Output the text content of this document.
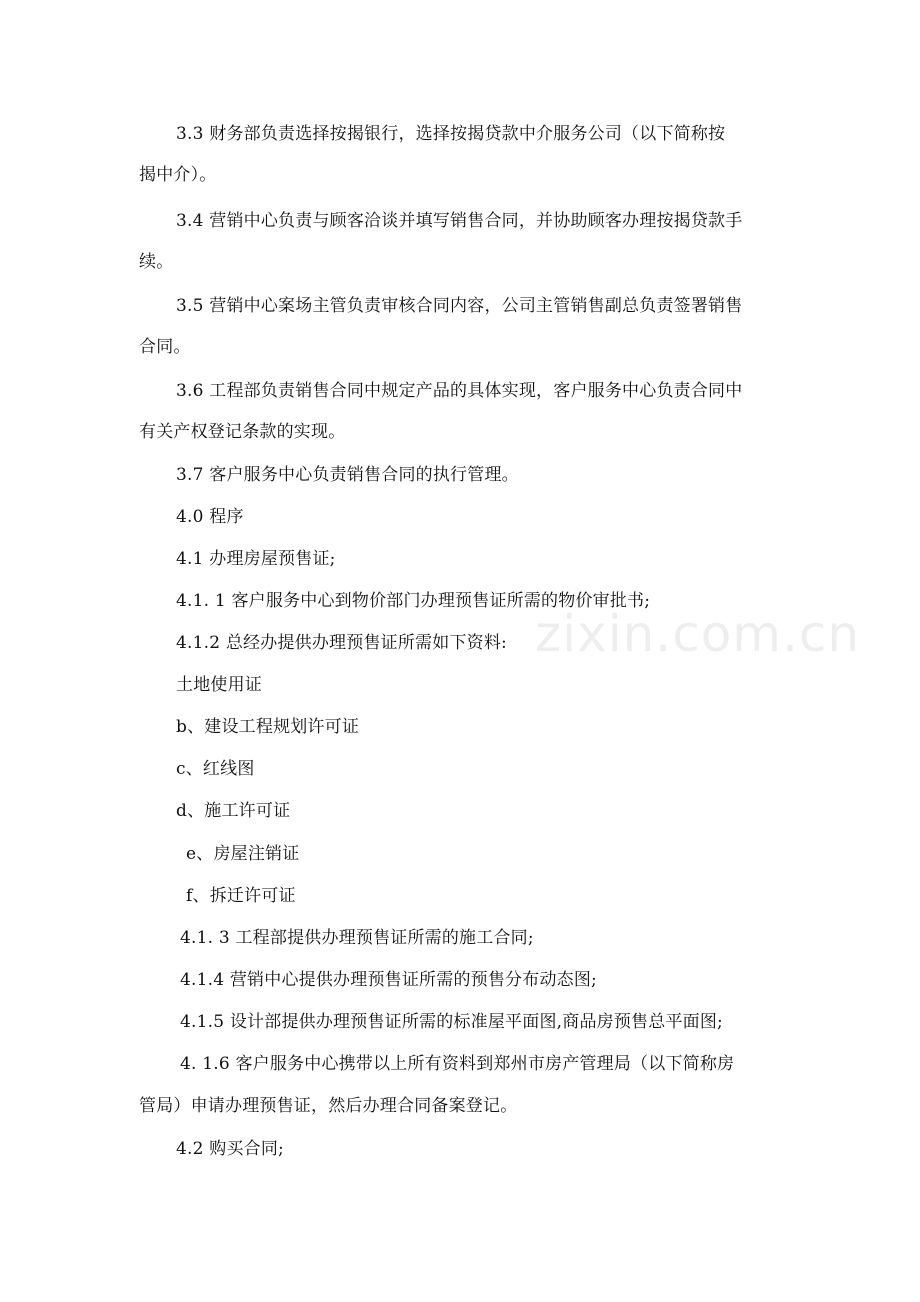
3.3 财务部负责选择按揭银行，选择按揭贷款中介服务公司（以下简称按
揭中介）。
3.4 营销中心负责与顾客洽谈并填写销售合同，并协助顾客办理按揭贷款手
续。
3.5 营销中心案场主管负责审核合同内容，公司主管销售副总负责签署销售
合同。
3.6 工程部负责销售合同中规定产品的具体实现，客户服务中心负责合同中
有关产权登记条款的实现。
3.7 客户服务中心负责销售合同的执行管理。
4.0 程序
4.1 办理房屋预售证;
4.1. 1 客户服务中心到物价部门办理预售证所需的物价审批书;
4.1.2 总经办提供办理预售证所需如下资料:
土地使用证
b、建设工程规划许可证
c、红线图
d、施工许可证
e、房屋注销证
f、拆迁许可证
4.1. 3 工程部提供办理预售证所需的施工合同;
4.1.4 营销中心提供办理预售证所需的预售分布动态图;
4.1.5 设计部提供办理预售证所需的标准屋平面图,商品房预售总平面图;
4. 1.6 客户服务中心携带以上所有资料到郑州市房产管理局（以下简称房
管局）申请办理预售证，然后办理合同备案登记。
4.2 购买合同;
zixin.com.cn
